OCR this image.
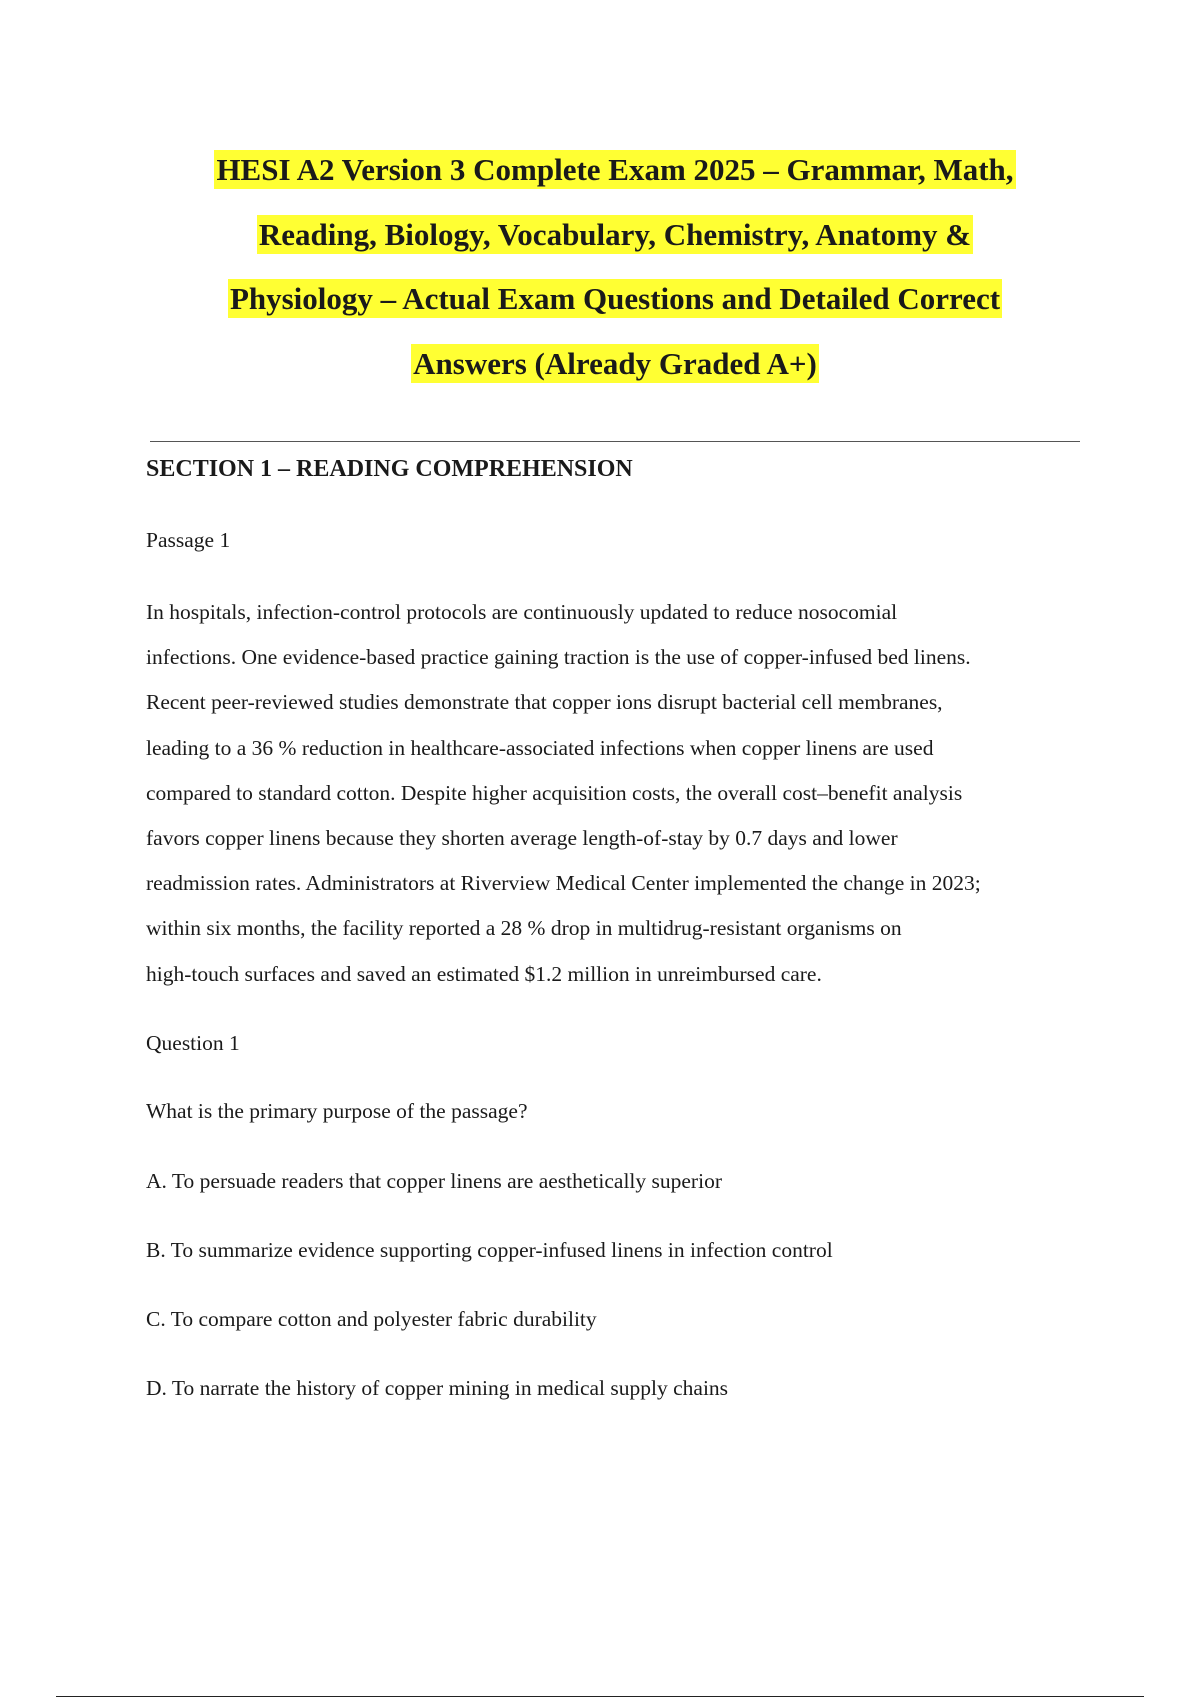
HESI A2 Version 3 Complete Exam 2025 – Grammar, Math,
Reading, Biology, Vocabulary, Chemistry, Anatomy &
Physiology – Actual Exam Questions and Detailed Correct
Answers (Already Graded A+)
SECTION 1 – READING COMPREHENSION

Passage 1

In hospitals, infection-control protocols are continuously updated to reduce nosocomial
infections. One evidence-based practice gaining traction is the use of copper-infused bed linens.
Recent peer-reviewed studies demonstrate that copper ions disrupt bacterial cell membranes,
leading to a 36 % reduction in healthcare-associated infections when copper linens are used
compared to standard cotton. Despite higher acquisition costs, the overall cost–benefit analysis
favors copper linens because they shorten average length-of-stay by 0.7 days and lower
readmission rates. Administrators at Riverview Medical Center implemented the change in 2023;
within six months, the facility reported a 28 % drop in multidrug-resistant organisms on
high-touch surfaces and saved an estimated $1.2 million in unreimbursed care.

Question 1

What is the primary purpose of the passage?

A. To persuade readers that copper linens are aesthetically superior

B. To summarize evidence supporting copper-infused linens in infection control

C. To compare cotton and polyester fabric durability

D. To narrate the history of copper mining in medical supply chains
